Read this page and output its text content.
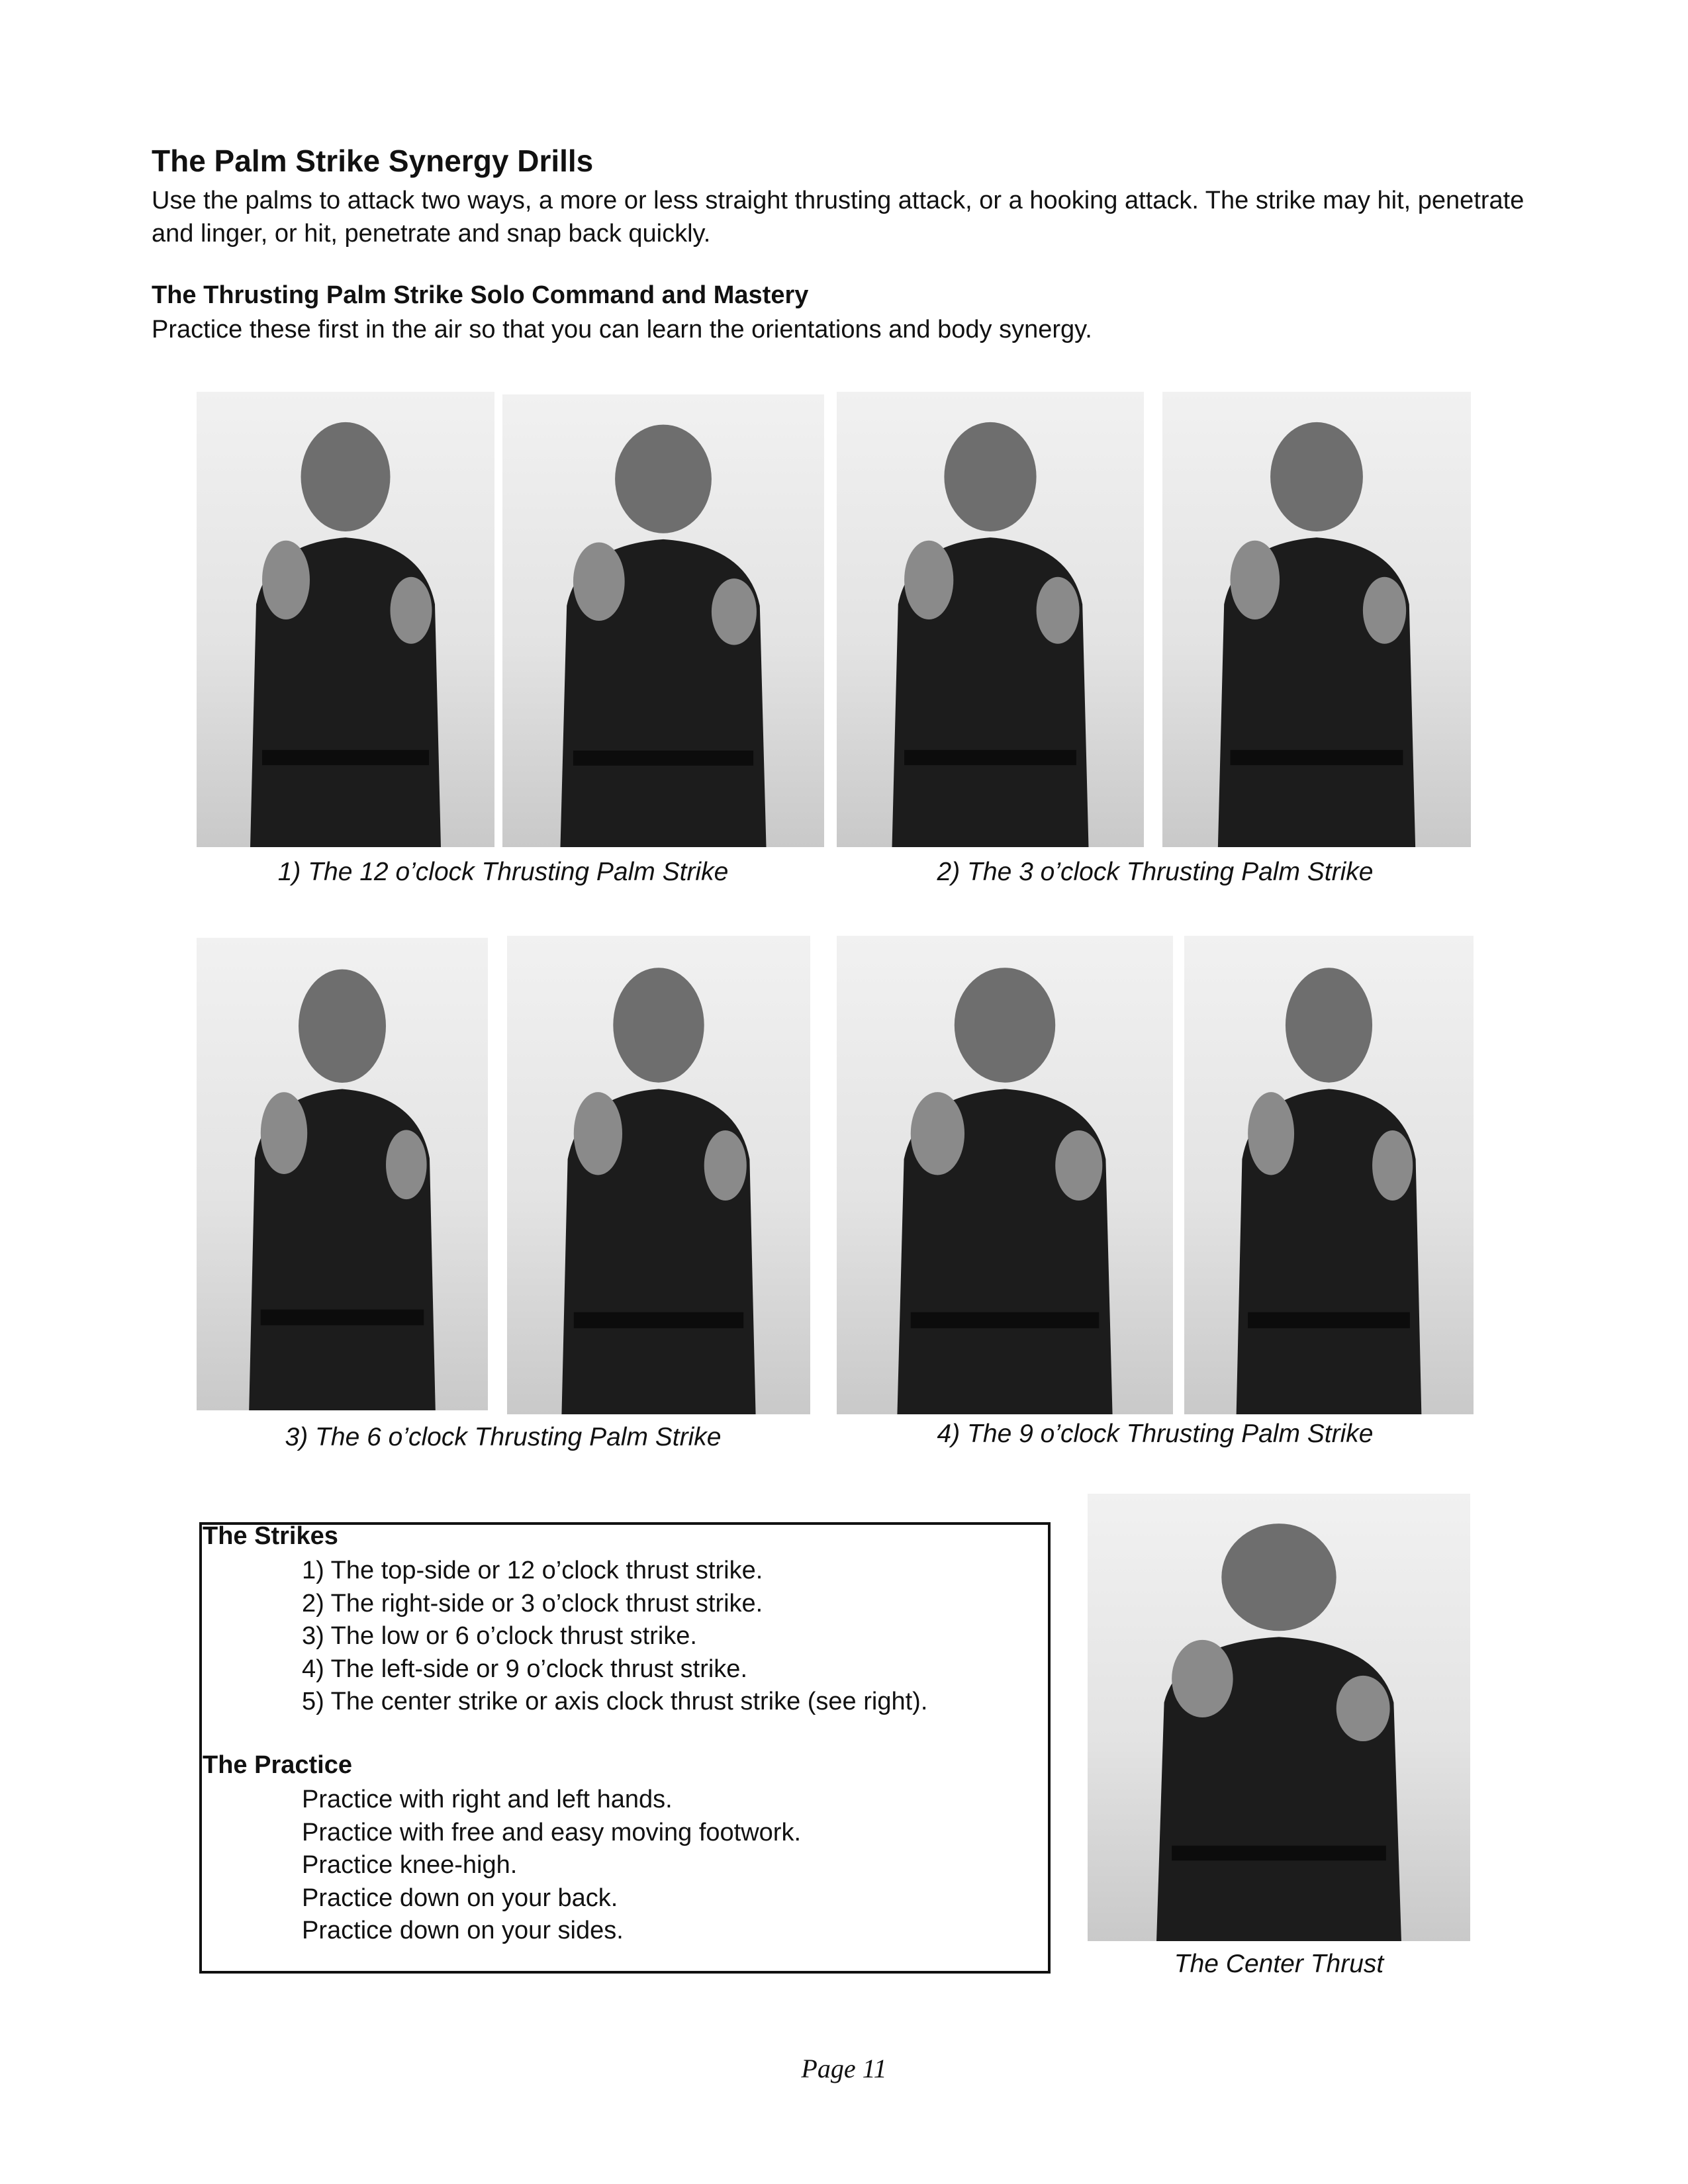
The Palm Strike Synergy Drills

Use the palms to attack two ways, a more or less straight thrusting attack, or a hooking attack. The strike may hit, penetrate and linger, or hit, penetrate and snap back quickly.

The Thrusting Palm Strike Solo Command and Mastery

Practice these first in the air so that you can learn the orientations and body synergy.

1) The 12 o’clock Thrusting Palm Strike	2) The 3 o’clock Thrusting Palm Strike

3) The 6 o’clock Thrusting Palm Strike	4) The 9 o’clock Thrusting Palm Strike

The Strikes

1) The top-side or 12 o’clock thrust strike.
2) The right-side or 3 o’clock thrust strike.
3) The low or 6 o’clock thrust strike.
4) The left-side or 9 o’clock thrust strike.
5) The center strike or axis clock thrust strike (see right).

The Practice

Practice with right and left hands.
Practice with free and easy moving footwork.
Practice knee-high.
Practice down on your back.
Practice down on your sides.

The Center Thrust

Page 11
